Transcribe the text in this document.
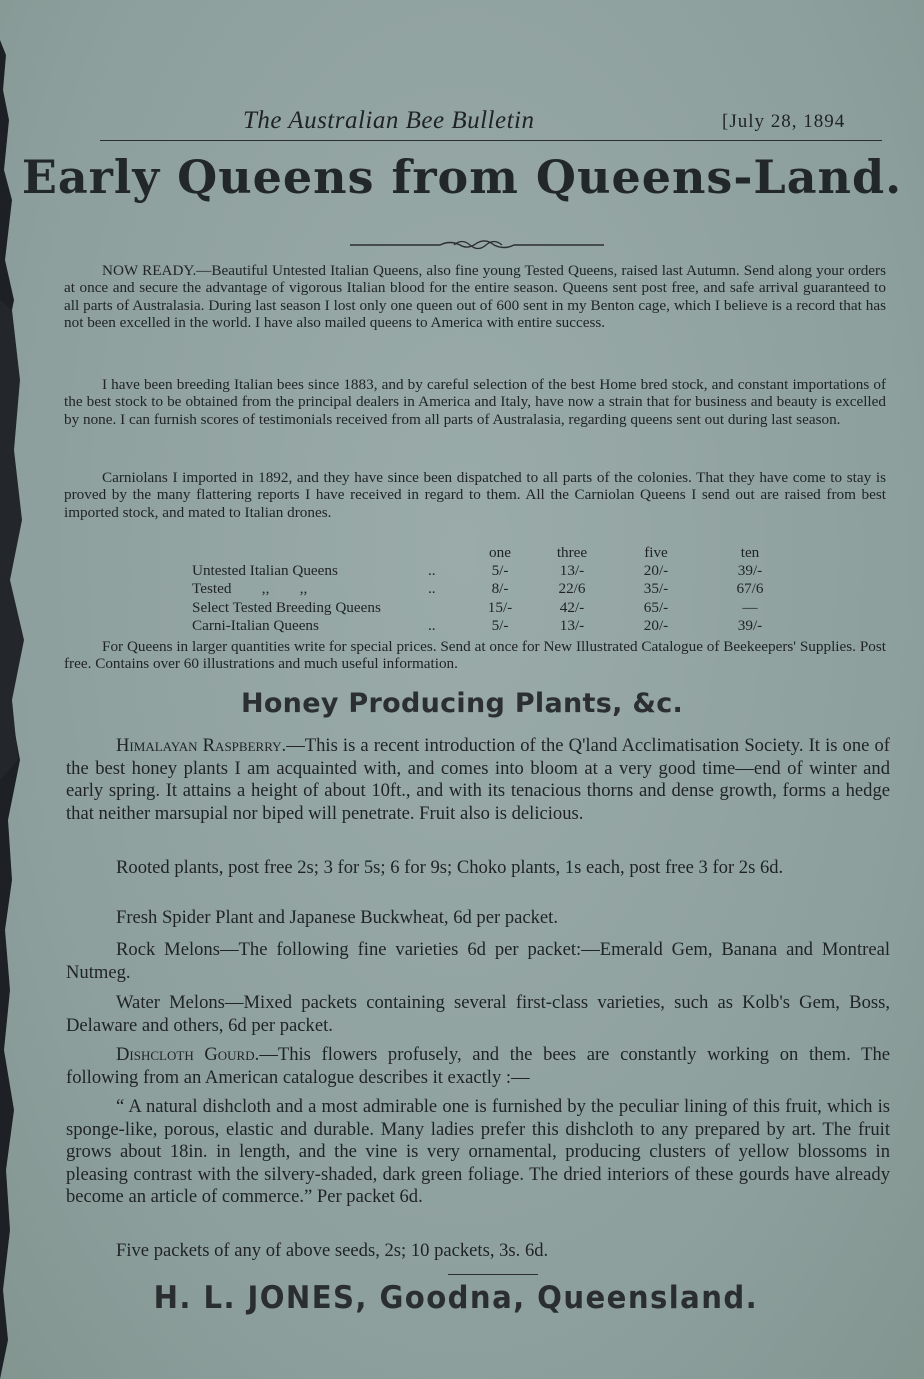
The Australian Bee Bulletin	[July 28, 1894
Early Queens from Queens-Land.

NOW READY.—Beautiful Untested Italian Queens, also fine young Tested Queens, raised last Autumn. Send along your orders at once and secure the advantage of vigorous Italian blood for the entire season. Queens sent post free, and safe arrival guaranteed to all parts of Australasia. During last season I lost only one queen out of 600 sent in my Benton cage, which I believe is a record that has not been excelled in the world. I have also mailed queens to America with entire success.

I have been breeding Italian bees since 1883, and by careful selection of the best Home bred stock, and constant importations of the best stock to be obtained from the principal dealers in America and Italy, have now a strain that for business and beauty is excelled by none. I can furnish scores of testimonials received from all parts of Australasia, regarding queens sent out during last season.

Carniolans I imported in 1892, and they have since been dispatched to all parts of the colonies. That they have come to stay is proved by the many flattering reports I have received in regard to them. All the Carniolan Queens I send out are raised from best imported stock, and mated to Italian drones.

		one	three	five	ten
Untested Italian Queens	..	5/-	13/-	20/-	39/-
Tested        ,,        ,,	..	8/-	22/6	35/-	67/6
Select Tested Breeding Queens		15/-	42/-	65/-	—
Carni-Italian Queens	..	5/-	13/-	20/-	39/-

For Queens in larger quantities write for special prices. Send at once for New Illustrated Catalogue of Beekeepers' Supplies. Post free. Contains over 60 illustrations and much useful information.

Honey Producing Plants, &c.

Himalayan Raspberry.—This is a recent introduction of the Q'land Acclimatisation Society. It is one of the best honey plants I am acquainted with, and comes into bloom at a very good time—end of winter and early spring. It attains a height of about 10ft., and with its tenacious thorns and dense growth, forms a hedge that neither marsupial nor biped will penetrate. Fruit also is delicious.

Rooted plants, post free 2s; 3 for 5s; 6 for 9s; Choko plants, 1s each, post free 3 for 2s 6d.

Fresh Spider Plant and Japanese Buckwheat, 6d per packet.

Rock Melons—The following fine varieties 6d per packet:—Emerald Gem, Banana and Montreal Nutmeg.

Water Melons—Mixed packets containing several first-class varieties, such as Kolb's Gem, Boss, Delaware and others, 6d per packet.

Dishcloth Gourd.—This flowers profusely, and the bees are constantly working on them. The following from an American catalogue describes it exactly :—

“ A natural dishcloth and a most admirable one is furnished by the peculiar lining of this fruit, which is sponge-like, porous, elastic and durable. Many ladies prefer this dishcloth to any prepared by art. The fruit grows about 18in. in length, and the vine is very ornamental, producing clusters of yellow blossoms in pleasing contrast with the silvery-shaded, dark green foliage. The dried interiors of these gourds have already become an article of commerce.” Per packet 6d.

Five packets of any of above seeds, 2s; 10 packets, 3s. 6d.

H. L. JONES, Goodna, Queensland.
